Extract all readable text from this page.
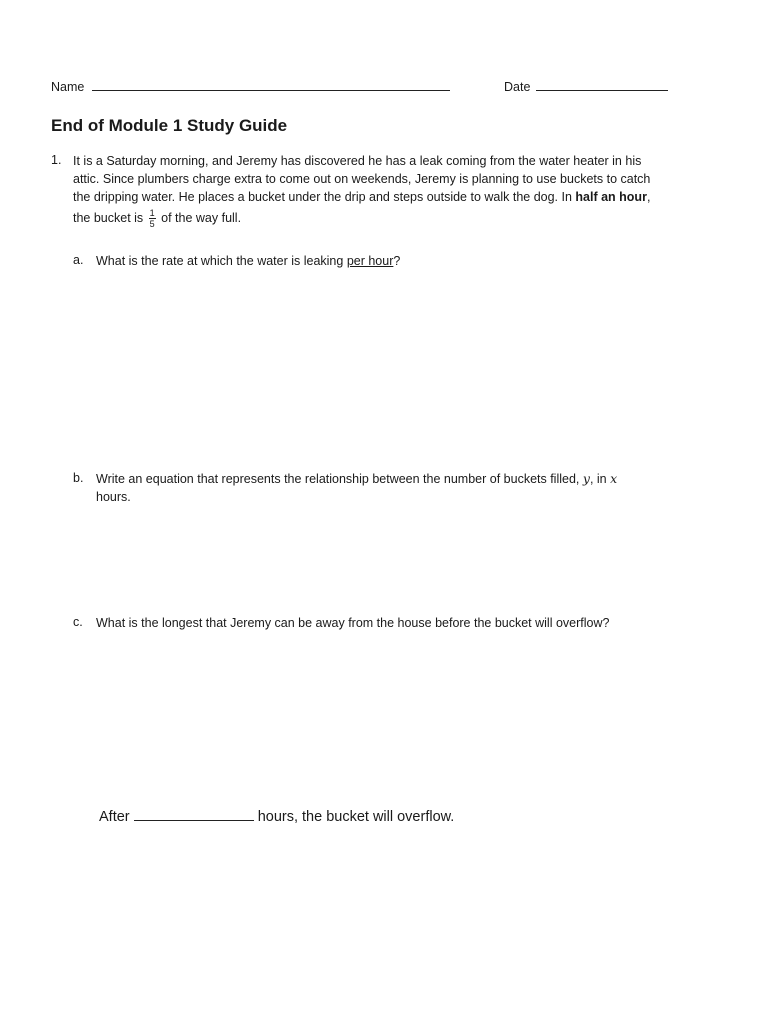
Name	Date
End of Module 1 Study Guide
1. It is a Saturday morning, and Jeremy has discovered he has a leak coming from the water heater in his
attic. Since plumbers charge extra to come out on weekends, Jeremy is planning to use buckets to catch
the dripping water. He places a bucket under the drip and steps outside to walk the dog. In half an hour,
the bucket is $\frac{1}{5}$ of the way full.
a. What is the rate at which the water is leaking per hour?
b. Write an equation that represents the relationship between the number of buckets filled, y, in x
hours.
c. What is the longest that Jeremy can be away from the house before the bucket will overflow?
After	hours, the bucket will overflow.
